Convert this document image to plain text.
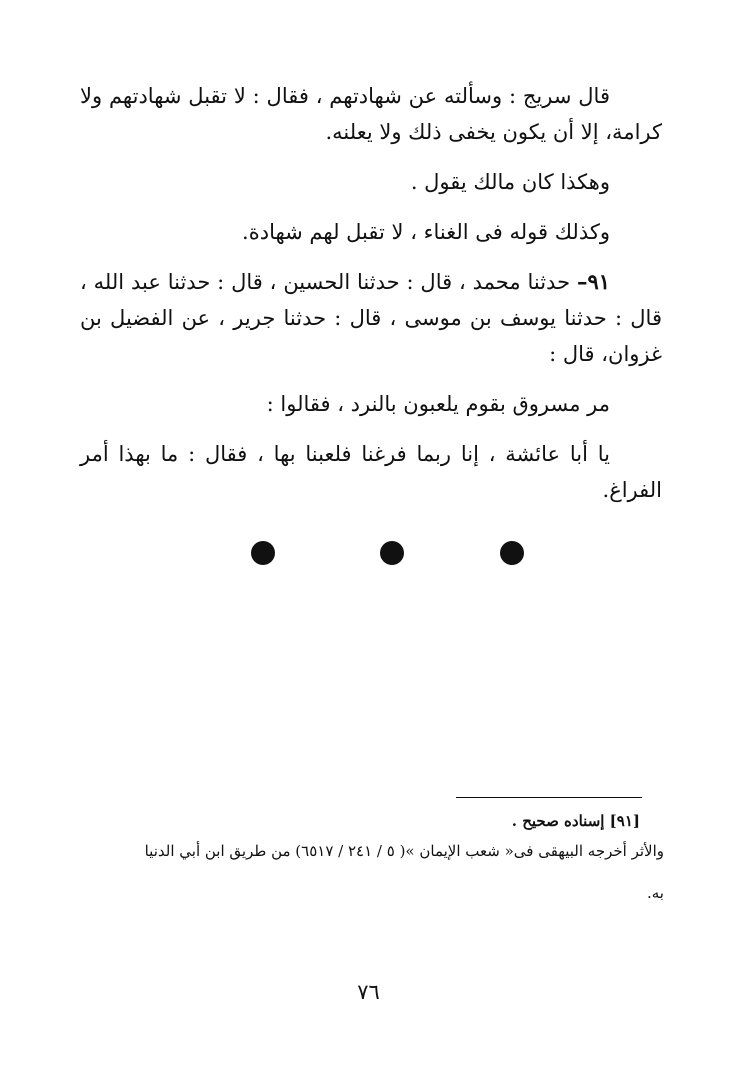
قال سريج : وسألته عن شهادتهم ، فقال : لا تقبل شهادتهم ولا كرامة، إلا أن يكون يخفى ذلك ولا يعلنه.

وهكذا كان مالك يقول .

وكذلك قوله فى الغناء ، لا تقبل لهم شهادة.

٩١– حدثنا محمد ، قال : حدثنا الحسين ، قال : حدثنا عبد الله ، قال : حدثنا يوسف بن موسى ، قال : حدثنا جرير ، عن الفضيل بن غزوان، قال :

مر مسروق بقوم يلعبون بالنرد ، فقالوا :

يا أبا عائشة ، إنا ربما فرغنا فلعبنا بها ، فقال : ما بهذا أمر الفراغ.

[٩١] إسناده صحيح .

والأثر أخرجه البيهقى فى« شعب الإيمان »( ٥ / ٢٤١ / ٦٥١٧) من طريق ابن أبي الدنيا

به.

٧٦
